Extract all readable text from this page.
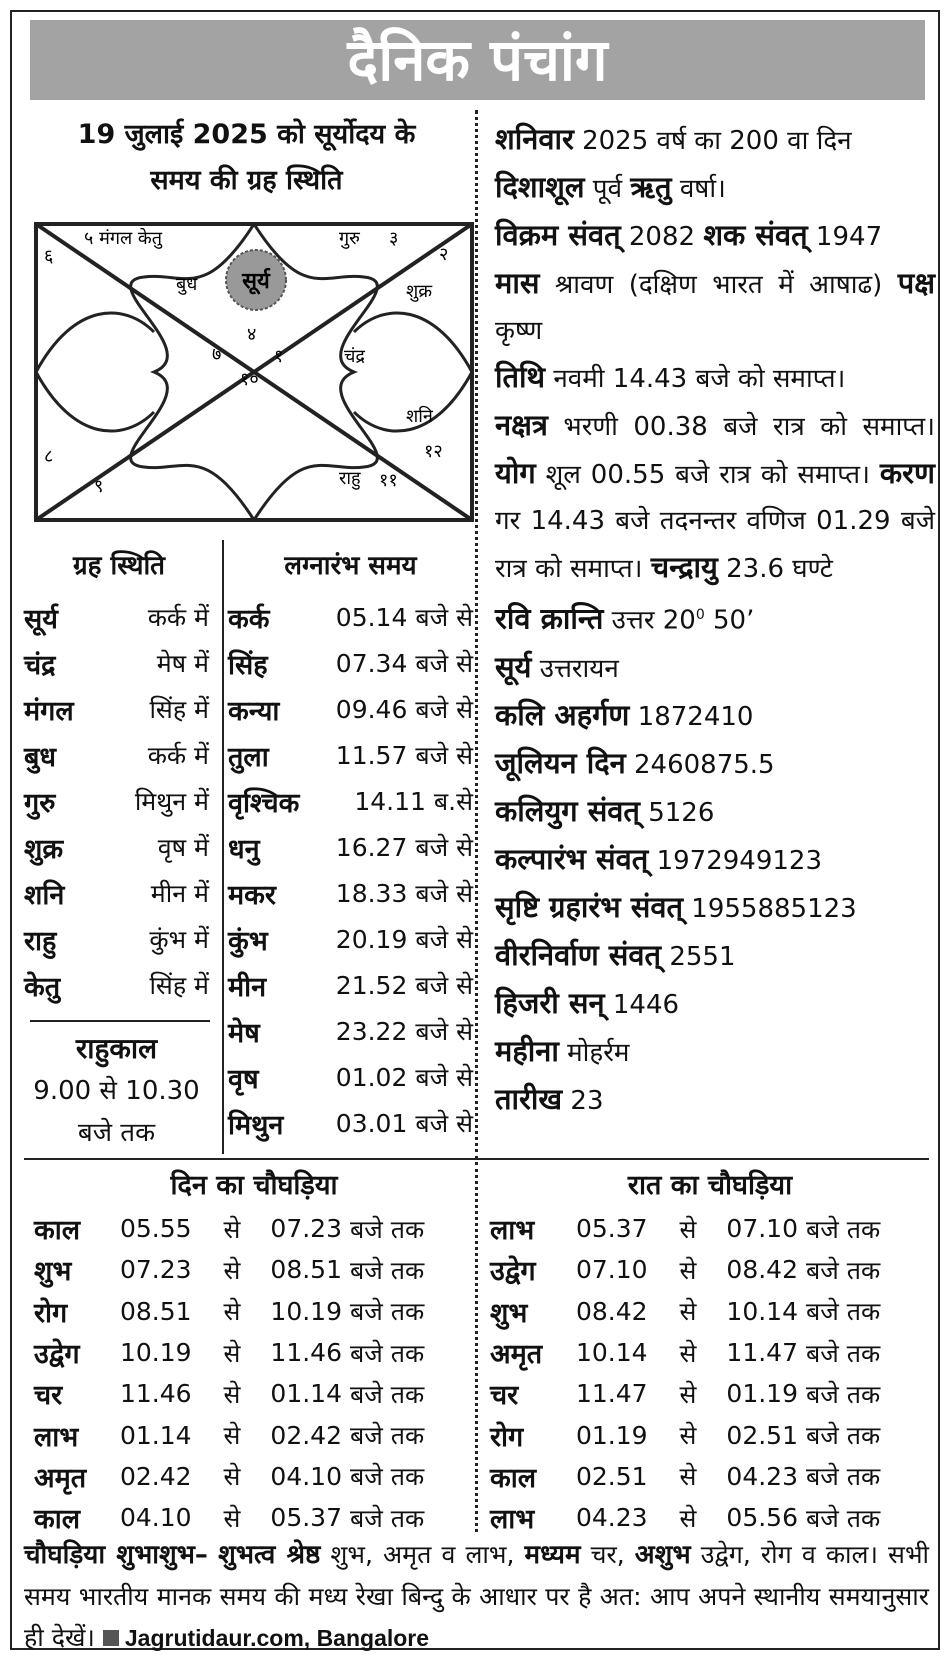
दैनिक पंचांग
19 जुलाई 2025 को सूर्योदय के
समय की ग्रह स्थिति
सूर्य
६
५ मंगल केतु	गुरु ३
२
बुध	शुक्र
४
७	१	चंद्र
१०
शनि
८	१२
९	राहु ११
ग्रह स्थिति
सूर्य	कर्क में
चंद्र	मेष में
मंगल	सिंह में
बुध	कर्क में
गुरु	मिथुन में
शुक्र	वृष में
शनि	मीन में
राहु	कुंभ में
केतु	सिंह में
लग्नारंभ समय
कर्क	05.14 बजे से
सिंह	07.34 बजे से
कन्या 09.46 बजे से
तुला	11.57 बजे से
वृश्चिक 14.11 ब.से
धनु	16.27 बजे से
मकर 18.33 बजे से
कुंभ	20.19 बजे से
मीन	21.52 बजे से
मेष	23.22 बजे से
वृष	01.02 बजे से
मिथुन 03.01 बजे से
राहुकाल
9.00 से 10.30
बजे तक

शनिवार 2025 वर्ष का 200 वा दिन

दिशाशूल पूर्व ऋतु वर्षा।

विक्रम संवत् 2082 शक संवत् 1947

मास श्रावण (दक्षिण भारत में आषाढ) पक्ष कृष्ण

तिथि नवमी 14.43 बजे को समाप्त।

नक्षत्र भरणी 00.38 बजे रात्र को समाप्त। योग शूल 00.55 बजे रात्र को समाप्त। करण गर 14.43 बजे तदनन्तर वणिज 01.29 बजे रात्र को समाप्त। चन्द्रायु 23.6 घण्टे

रवि क्रान्ति उत्तर $20^0$ 50’

सूर्य उत्तरायन

कलि अहर्गण 1872410

जूलियन दिन 2460875.5

कलियुग संवत् 5126

कल्पारंभ संवत् 1972949123

सृष्टि ग्रहारंभ संवत् 1955885123

वीरनिर्वाण संवत् 2551

हिजरी सन् 1446

महीना मोहर्रम

तारीख 23

दिन का चौघड़िया
काल	05.55	से	07.23 बजे तक
शुभ	07.23	से	08.51 बजे तक
रोग	08.51	से	10.19 बजे तक
उद्वेग	10.19	से	11.46 बजे तक
चर	11.46	से	01.14 बजे तक
लाभ	01.14	से	02.42 बजे तक
अमृत	02.42	से	04.10 बजे तक
काल	04.10	से	05.37 बजे तक
रात का चौघड़िया
लाभ	05.37	से	07.10 बजे तक
उद्वेग	07.10	से	08.42 बजे तक
शुभ	08.42	से	10.14 बजे तक
अमृत	10.14	से	11.47 बजे तक
चर	11.47	से	01.19 बजे तक
रोग	01.19	से	02.51 बजे तक
काल	02.51	से	04.23 बजे तक
लाभ	04.23	से	05.56 बजे तक
चौघड़िया शुभाशुभ– शुभत्व श्रेष्ठ शुभ, अमृत व लाभ, मध्यम चर, अशुभ उद्वेग, रोग व काल। सभी समय भारतीय मानक समय की मध्य रेखा बिन्दु के आधार पर है अत: आप अपने स्थानीय समयानुसार ही देखें। Jagrutidaur.com, Bangalore
